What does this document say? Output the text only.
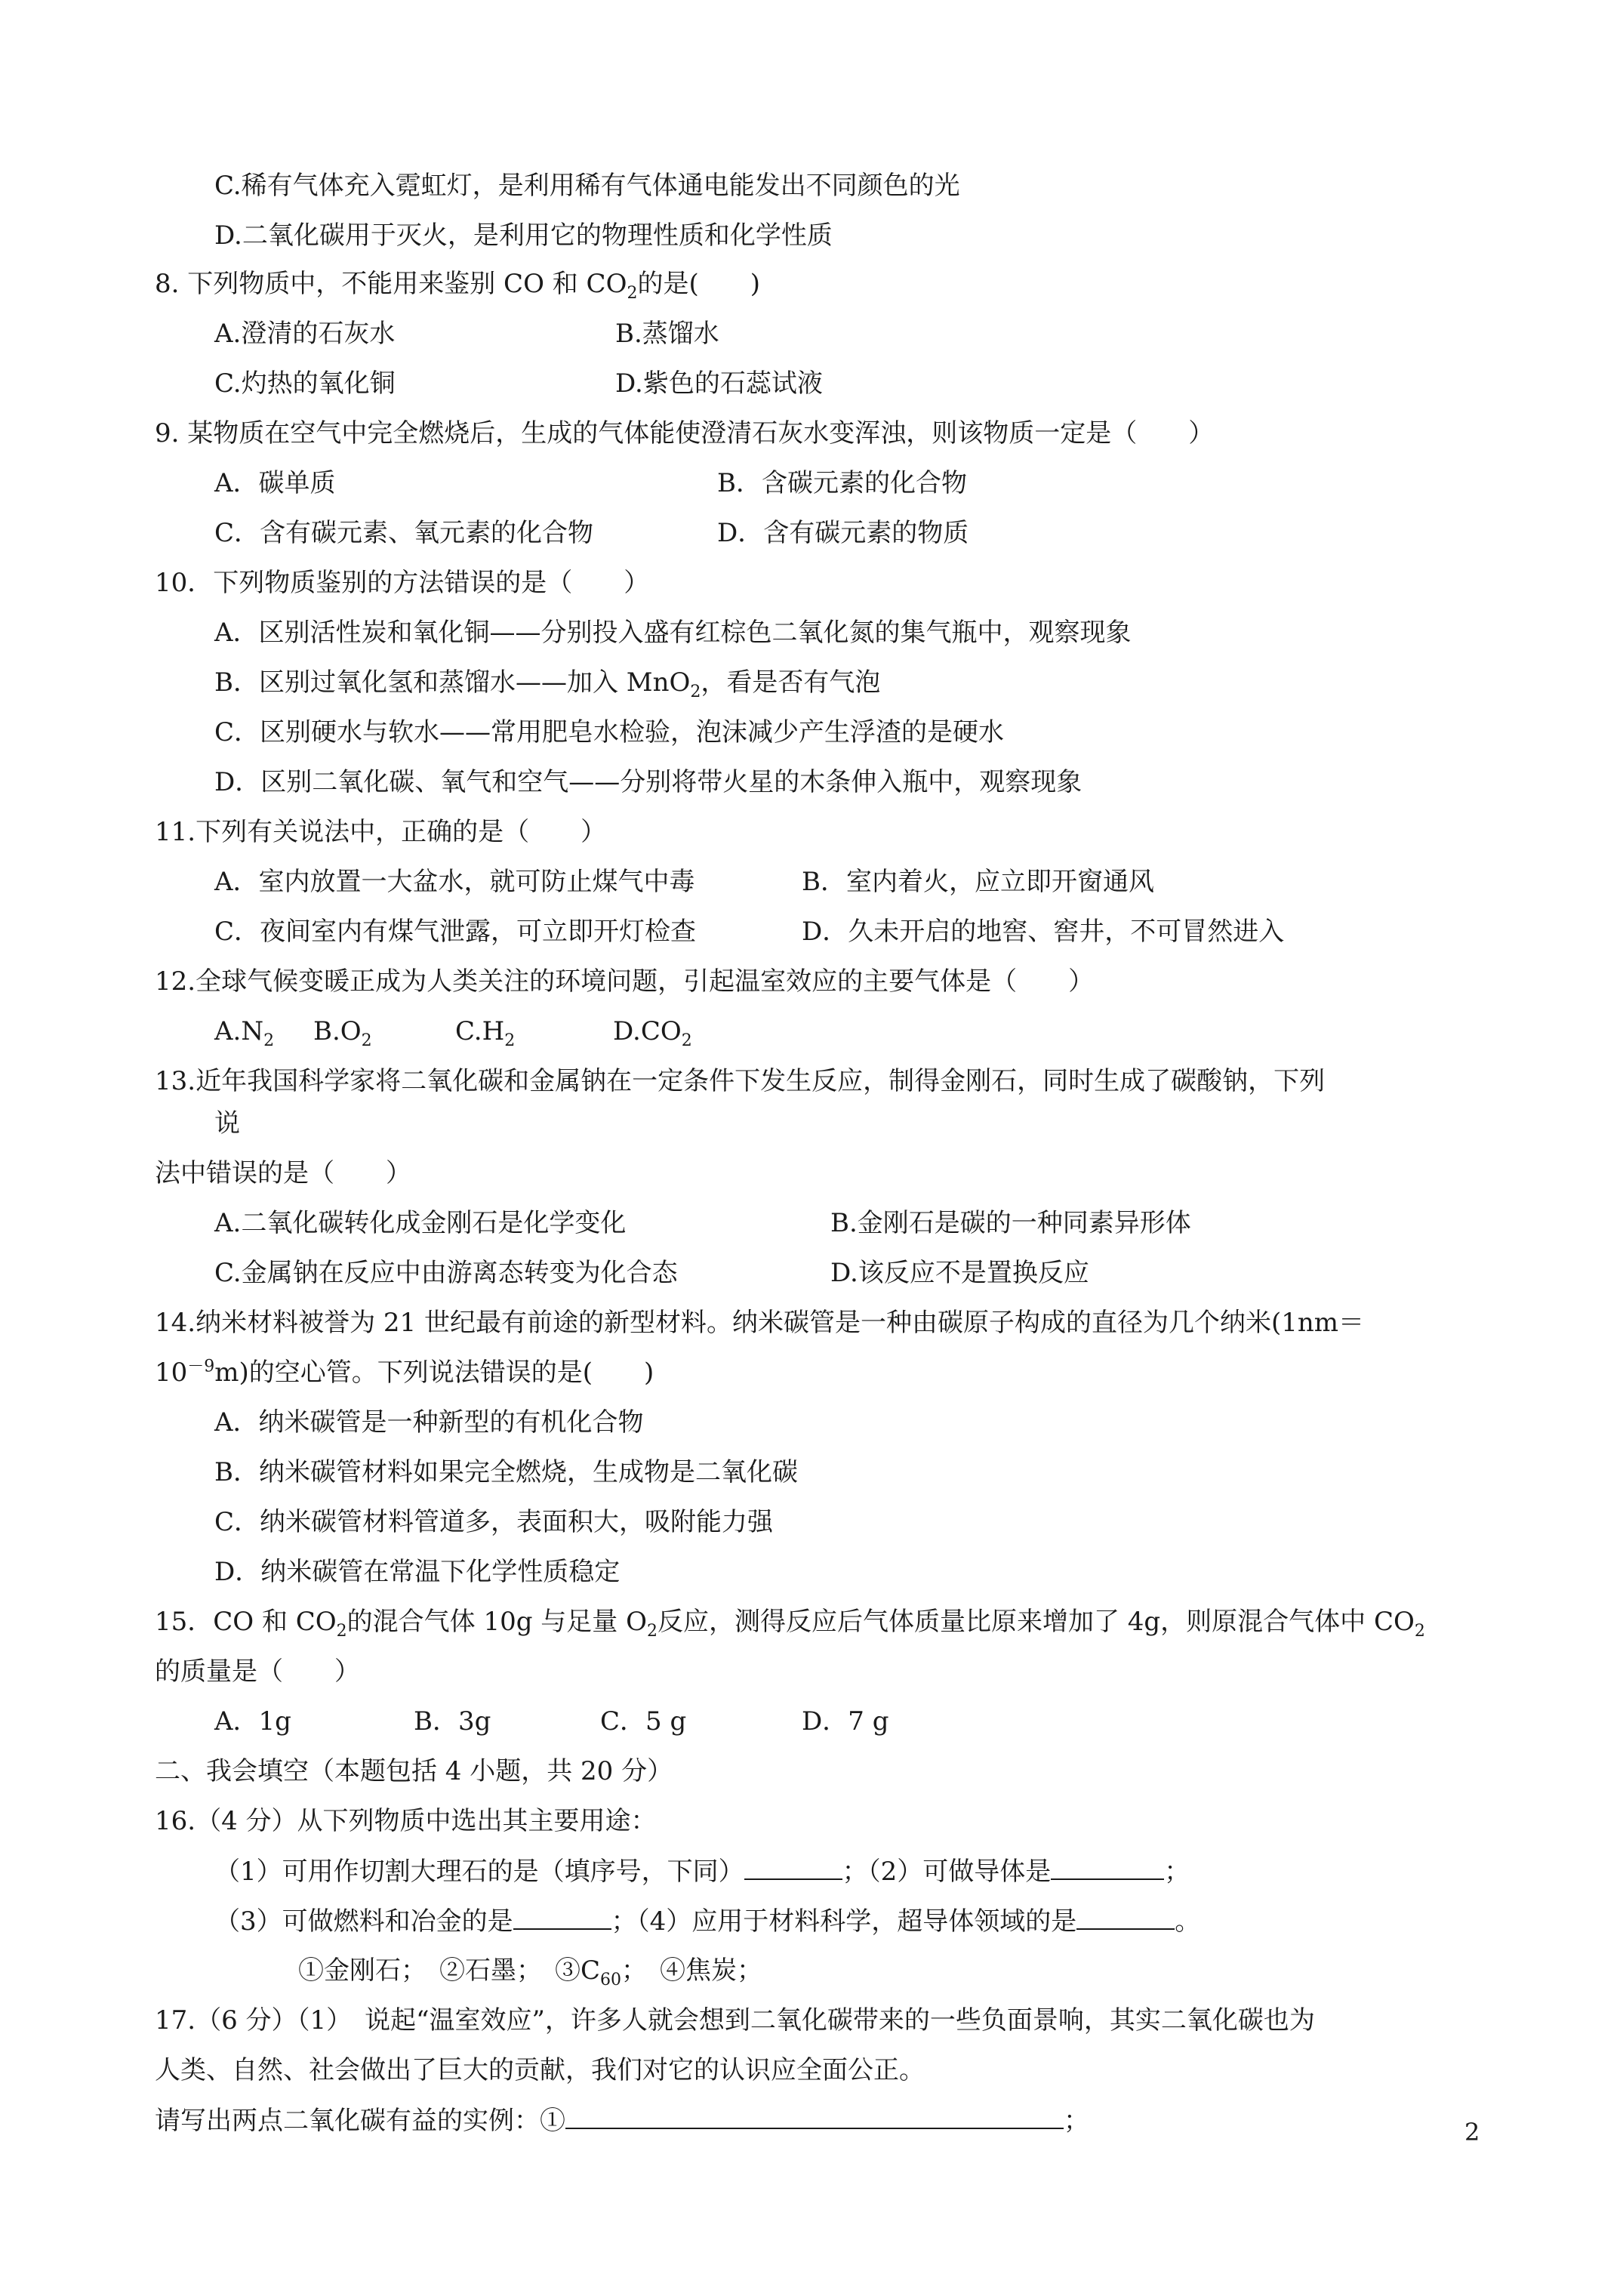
C.稀有气体充入霓虹灯，是利用稀有气体通电能发出不同颜色的光
D.二氧化碳用于灭火，是利用它的物理性质和化学性质
8. 下列物质中，不能用来鉴别 CO 和 $CO_2$的是(　　)
A.澄清的石灰水	B.蒸馏水
C.灼热的氧化铜	D.紫色的石蕊试液
9. 某物质在空气中完全燃烧后，生成的气体能使澄清石灰水变浑浊，则该物质一定是（　　）
A．碳单质	B．含碳元素的化合物
C．含有碳元素、氧元素的化合物	D．含有碳元素的物质
10．下列物质鉴别的方法错误的是（　　）
A．区别活性炭和氧化铜——分别投入盛有红棕色二氧化氮的集气瓶中，观察现象
B．区别过氧化氢和蒸馏水——加入 MnO$_2$，看是否有气泡
C．区别硬水与软水——常用肥皂水检验，泡沫减少产生浮渣的是硬水
D．区别二氧化碳、氧气和空气——分别将带火星的木条伸入瓶中，观察现象
11.下列有关说法中，正确的是（　　）
A．室内放置一大盆水，就可防止煤气中毒	B．室内着火，应立即开窗通风
C．夜间室内有煤气泄露，可立即开灯检查	D．久未开启的地窖、窖井，不可冒然进入
12.全球气候变暖正成为人类关注的环境问题，引起温室效应的主要气体是（　　）
$A.N_2$ $B.O_2$	$C.H_2$	$D.CO_2$
13.近年我国科学家将二氧化碳和金属钠在一定条件下发生反应，制得金刚石，同时生成了碳酸钠，下列
说
法中错误的是（　　）
A.二氧化碳转化成金刚石是化学变化	B.金刚石是碳的一种同素异形体
C.金属钠在反应中由游离态转变为化合态	D.该反应不是置换反应
14.纳米材料被誉为 21 世纪最有前途的新型材料。纳米碳管是一种由碳原子构成的直径为几个纳米(1nm＝
$10^{-9}m$)的空心管。下列说法错误的是(　　)
A．纳米碳管是一种新型的有机化合物
B．纳米碳管材料如果完全燃烧，生成物是二氧化碳
C．纳米碳管材料管道多，表面积大，吸附能力强
D．纳米碳管在常温下化学性质稳定
15．CO 和 $CO_2$的混合气体 10g 与足量 $O_2$反应，测得反应后气体质量比原来增加了 4g，则原混合气体中 $CO_2$
的质量是（　　）
A．1g	B．3g	C．5 g	D．7 g
二、我会填空（本题包括 4 小题，共 20 分）
16.（4 分）从下列物质中选出其主要用途：
（1）可用作切割大理石的是（填序号，下同）	；（2）可做导体是	；
（3）可做燃料和冶金的是	；（4）应用于材料科学，超导体领域的是	。
①金刚石；　②石墨；　$③C_{60}$；　④焦炭；
17.（6 分）（1）　说起“温室效应”，许多人就会想到二氧化碳带来的一些负面景响，其实二氧化碳也为
人类、自然、社会做出了巨大的贡献，我们对它的认识应全面公正。
请写出两点二氧化碳有益的实例：①	；	2
